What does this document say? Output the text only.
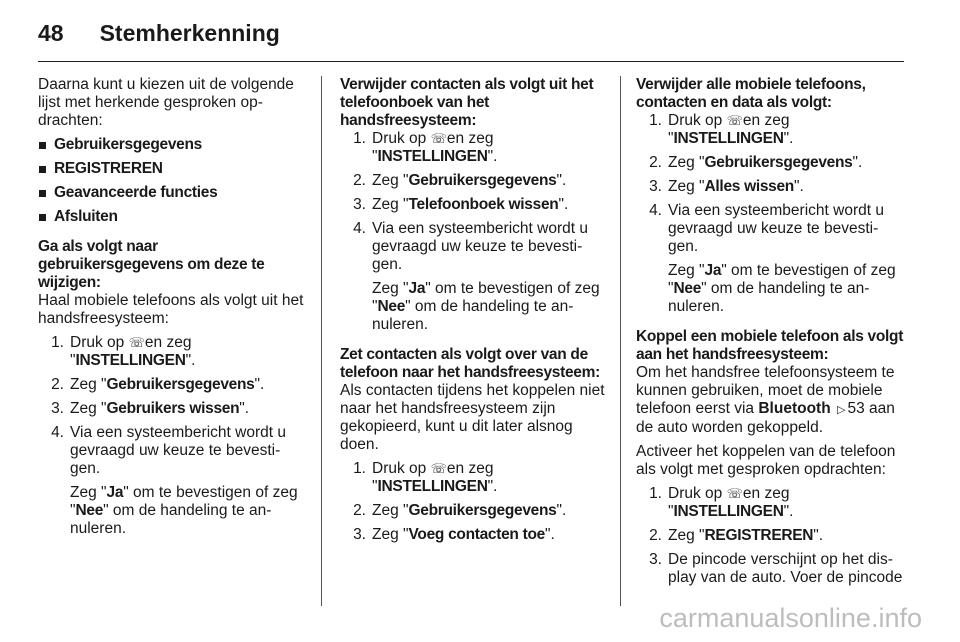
48 Stemherkenning

Daarna kunt u kiezen uit de volgende lijst met herkende gesproken op-drachten:

Gebruikersgegevens
REGISTREREN
Geavanceerde functies
Afsluiten
Ga als volgt naar
gebruikersgegevens om deze te
wijzigen:

Haal mobiele telefoons als volgt uit het handsfreesysteem:

1. Druk op ☏ en zeg "INSTELLINGEN".
2. Zeg "Gebruikersgegevens".
3. Zeg "Gebruikers wissen".
4. Via een systeembericht wordt u gevraagd uw keuze te bevesti-gen.
Zeg "Ja" om te bevestigen of zeg "Nee" om de handeling te an-nuleren.
Verwijder contacten als volgt uit het
telefoonboek van het
handsfreesysteem:
1. Druk op ☏ en zeg "INSTELLINGEN".
2. Zeg "Gebruikersgegevens".
3. Zeg "Telefoonboek wissen".
4. Via een systeembericht wordt u gevraagd uw keuze te bevesti-gen.
Zeg "Ja" om te bevestigen of zeg "Nee" om de handeling te an-nuleren.
Zet contacten als volgt over van de
telefoon naar het handsfreesysteem:

Als contacten tijdens het koppelen niet naar het handsfreesysteem zijn gekopieerd, kunt u dit later alsnog doen.

1. Druk op ☏ en zeg "INSTELLINGEN".
2. Zeg "Gebruikersgegevens".
3. Zeg "Voeg contacten toe".
Verwijder alle mobiele telefoons,
contacten en data als volgt:
1. Druk op ☏ en zeg "INSTELLINGEN".
2. Zeg "Gebruikersgegevens".
3. Zeg "Alles wissen".
4. Via een systeembericht wordt u gevraagd uw keuze te bevesti-gen.
Zeg "Ja" om te bevestigen of zeg "Nee" om de handeling te an-nuleren.
Koppel een mobiele telefoon als volgt
aan het handsfreesysteem:

Om het handsfree telefoonsysteem te kunnen gebruiken, moet de mobiele telefoon eerst via Bluetooth ▷ 53 aan de auto worden gekoppeld.

Activeer het koppelen van de telefoon als volgt met gesproken opdrachten:

1. Druk op ☏ en zeg "INSTELLINGEN".
2. Zeg "REGISTREREN".
3. De pincode verschijnt op het dis-play van de auto. Voer de pincode
carmanualsonline.info
